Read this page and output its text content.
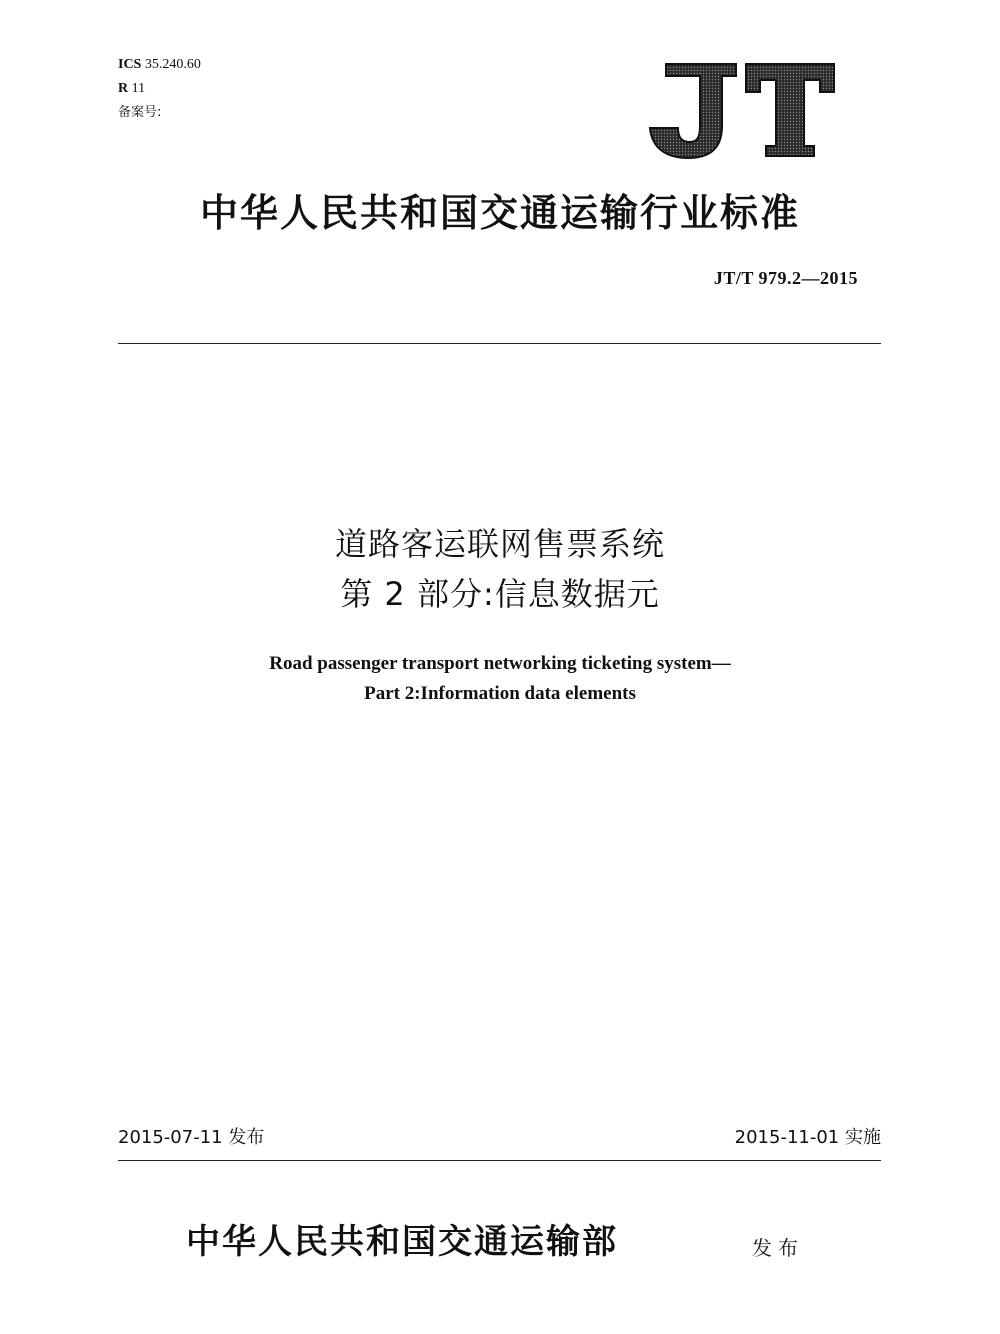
ICS 35.240.60
R 11
备案号:
JT
中华人民共和国交通运输行业标准
JT/T 979.2—2015
道路客运联网售票系统
第 2 部分:信息数据元
Road passenger transport networking ticketing system—
Part 2:Information data elements
2015-07-11 发布	2015-11-01 实施
中华人民共和国交通运输部	发布
